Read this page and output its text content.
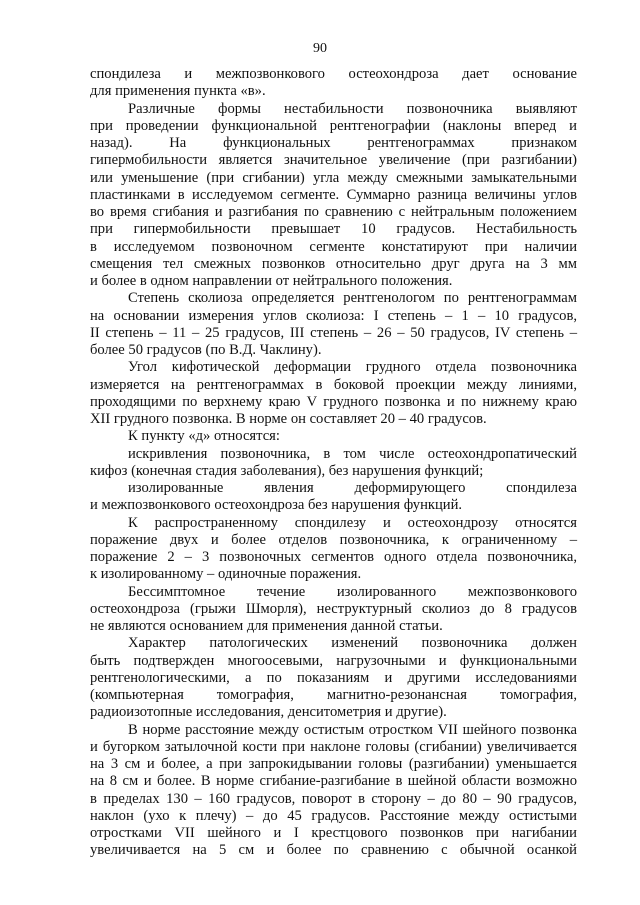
90

спондилеза и межпозвонкового остеохондроза дает основание

для применения пункта «в».

Различные формы нестабильности позвоночника выявляют

при проведении функциональной рентгенографии (наклоны вперед и

назад). На функциональных рентгенограммах признаком

гипермобильности является значительное увеличение (при разгибании)

или уменьшение (при сгибании) угла между смежными замыкательными

пластинками в исследуемом сегменте. Суммарно разница величины углов

во время сгибания и разгибания по сравнению с нейтральным положением

при гипермобильности превышает 10 градусов. Нестабильность

в исследуемом позвоночном сегменте констатируют при наличии

смещения тел смежных позвонков относительно друг друга на 3 мм

и более в одном направлении от нейтрального положения.

Степень сколиоза определяется рентгенологом по рентгенограммам

на основании измерения углов сколиоза: I степень – 1 – 10 градусов,

II степень – 11 – 25 градусов, III степень – 26 – 50 градусов, IV степень –

более 50 градусов (по В.Д. Чаклину).

Угол кифотической деформации грудного отдела позвоночника

измеряется на рентгенограммах в боковой проекции между линиями,

проходящими по верхнему краю V грудного позвонка и по нижнему краю

XII грудного позвонка. В норме он составляет 20 – 40 градусов.

К пункту «д» относятся:

искривления позвоночника, в том числе остеохондропатический

кифоз (конечная стадия заболевания), без нарушения функций;

изолированные явления деформирующего спондилеза

и межпозвонкового остеохондроза без нарушения функций.

К распространенному спондилезу и остеохондрозу относятся

поражение двух и более отделов позвоночника, к ограниченному –

поражение 2 – 3 позвоночных сегментов одного отдела позвоночника,

к изолированному – одиночные поражения.

Бессимптомное течение изолированного межпозвонкового

остеохондроза (грыжи Шморля), неструктурный сколиоз до 8 градусов

не являются основанием для применения данной статьи.

Характер патологических изменений позвоночника должен

быть подтвержден многоосевыми, нагрузочными и функциональными

рентгенологическими, а по показаниям и другими исследованиями

(компьютерная томография, магнитно-резонансная томография,

радиоизотопные исследования, денситометрия и другие).

В норме расстояние между остистым отростком VII шейного позвонка

и бугорком затылочной кости при наклоне головы (сгибании) увеличивается

на 3 см и более, а при запрокидывании головы (разгибании) уменьшается

на 8 см и более. В норме сгибание-разгибание в шейной области возможно

в пределах 130 – 160 градусов, поворот в сторону – до 80 – 90 градусов,

наклон (ухо к плечу) – до 45 градусов. Расстояние между остистыми

отростками VII шейного и I крестцового позвонков при нагибании

увеличивается на 5 см и более по сравнению с обычной осанкой
